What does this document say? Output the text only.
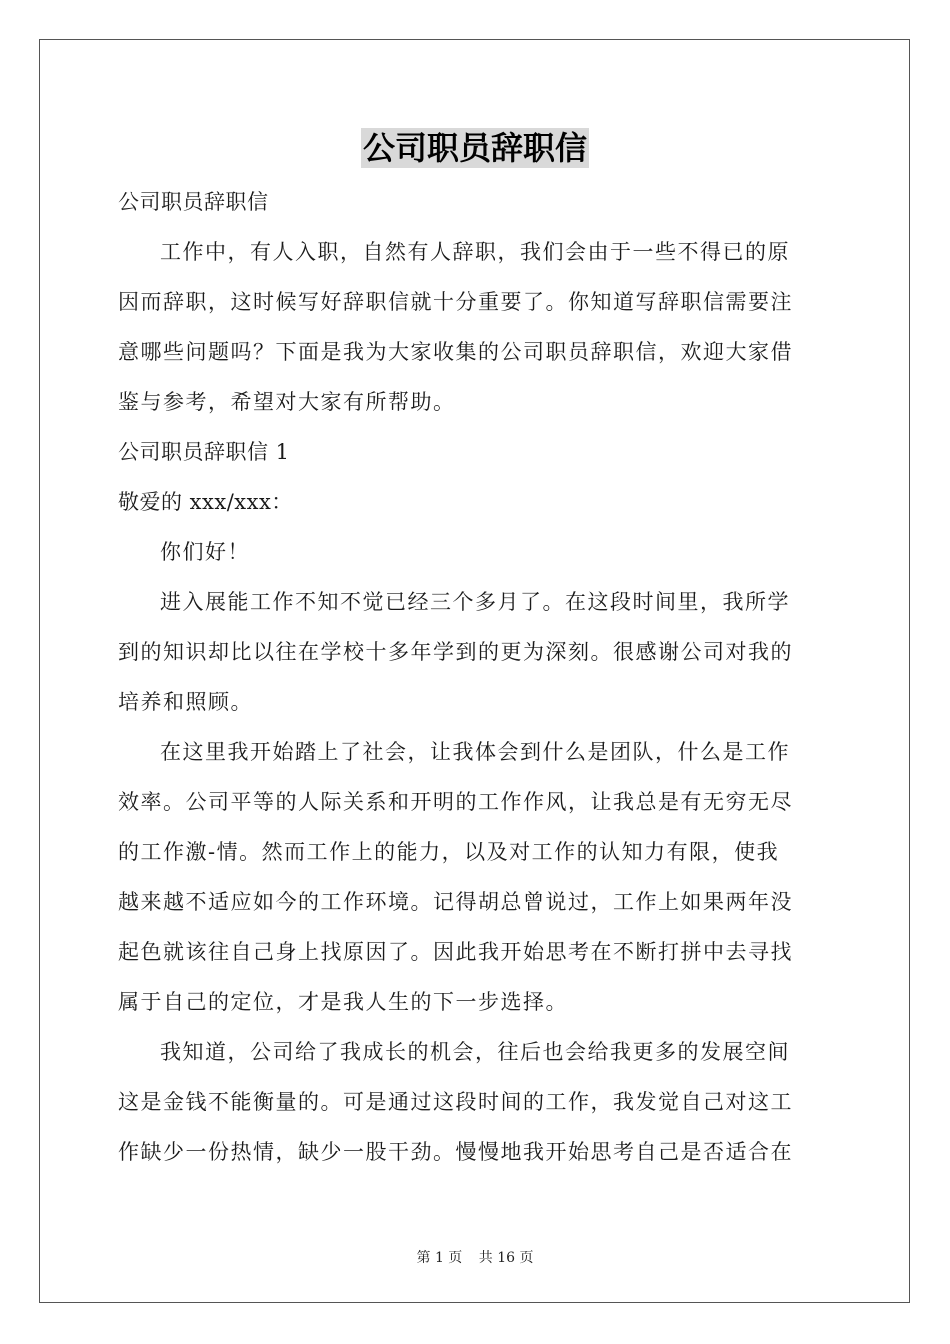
公司职员辞职信

公司职员辞职信

工作中，有人入职，自然有人辞职，我们会由于一些不得已的原
因而辞职，这时候写好辞职信就十分重要了。你知道写辞职信需要注
意哪些问题吗？下面是我为大家收集的公司职员辞职信，欢迎大家借
鉴与参考，希望对大家有所帮助。

公司职员辞职信 1

敬爱的 xxx/xxx：

你们好！

进入展能工作不知不觉已经三个多月了。在这段时间里，我所学
到的知识却比以往在学校十多年学到的更为深刻。很感谢公司对我的
培养和照顾。

在这里我开始踏上了社会，让我体会到什么是团队，什么是工作
效率。公司平等的人际关系和开明的工作作风，让我总是有无穷无尽
的工作激-情。然而工作上的能力，以及对工作的认知力有限，使我
越来越不适应如今的工作环境。记得胡总曾说过，工作上如果两年没
起色就该往自己身上找原因了。因此我开始思考在不断打拼中去寻找
属于自己的定位，才是我人生的下一步选择。

我知道，公司给了我成长的机会，往后也会给我更多的发展空间
这是金钱不能衡量的。可是通过这段时间的工作，我发觉自己对这工
作缺少一份热情，缺少一股干劲。慢慢地我开始思考自己是否适合在

第 1 页 共 16 页
